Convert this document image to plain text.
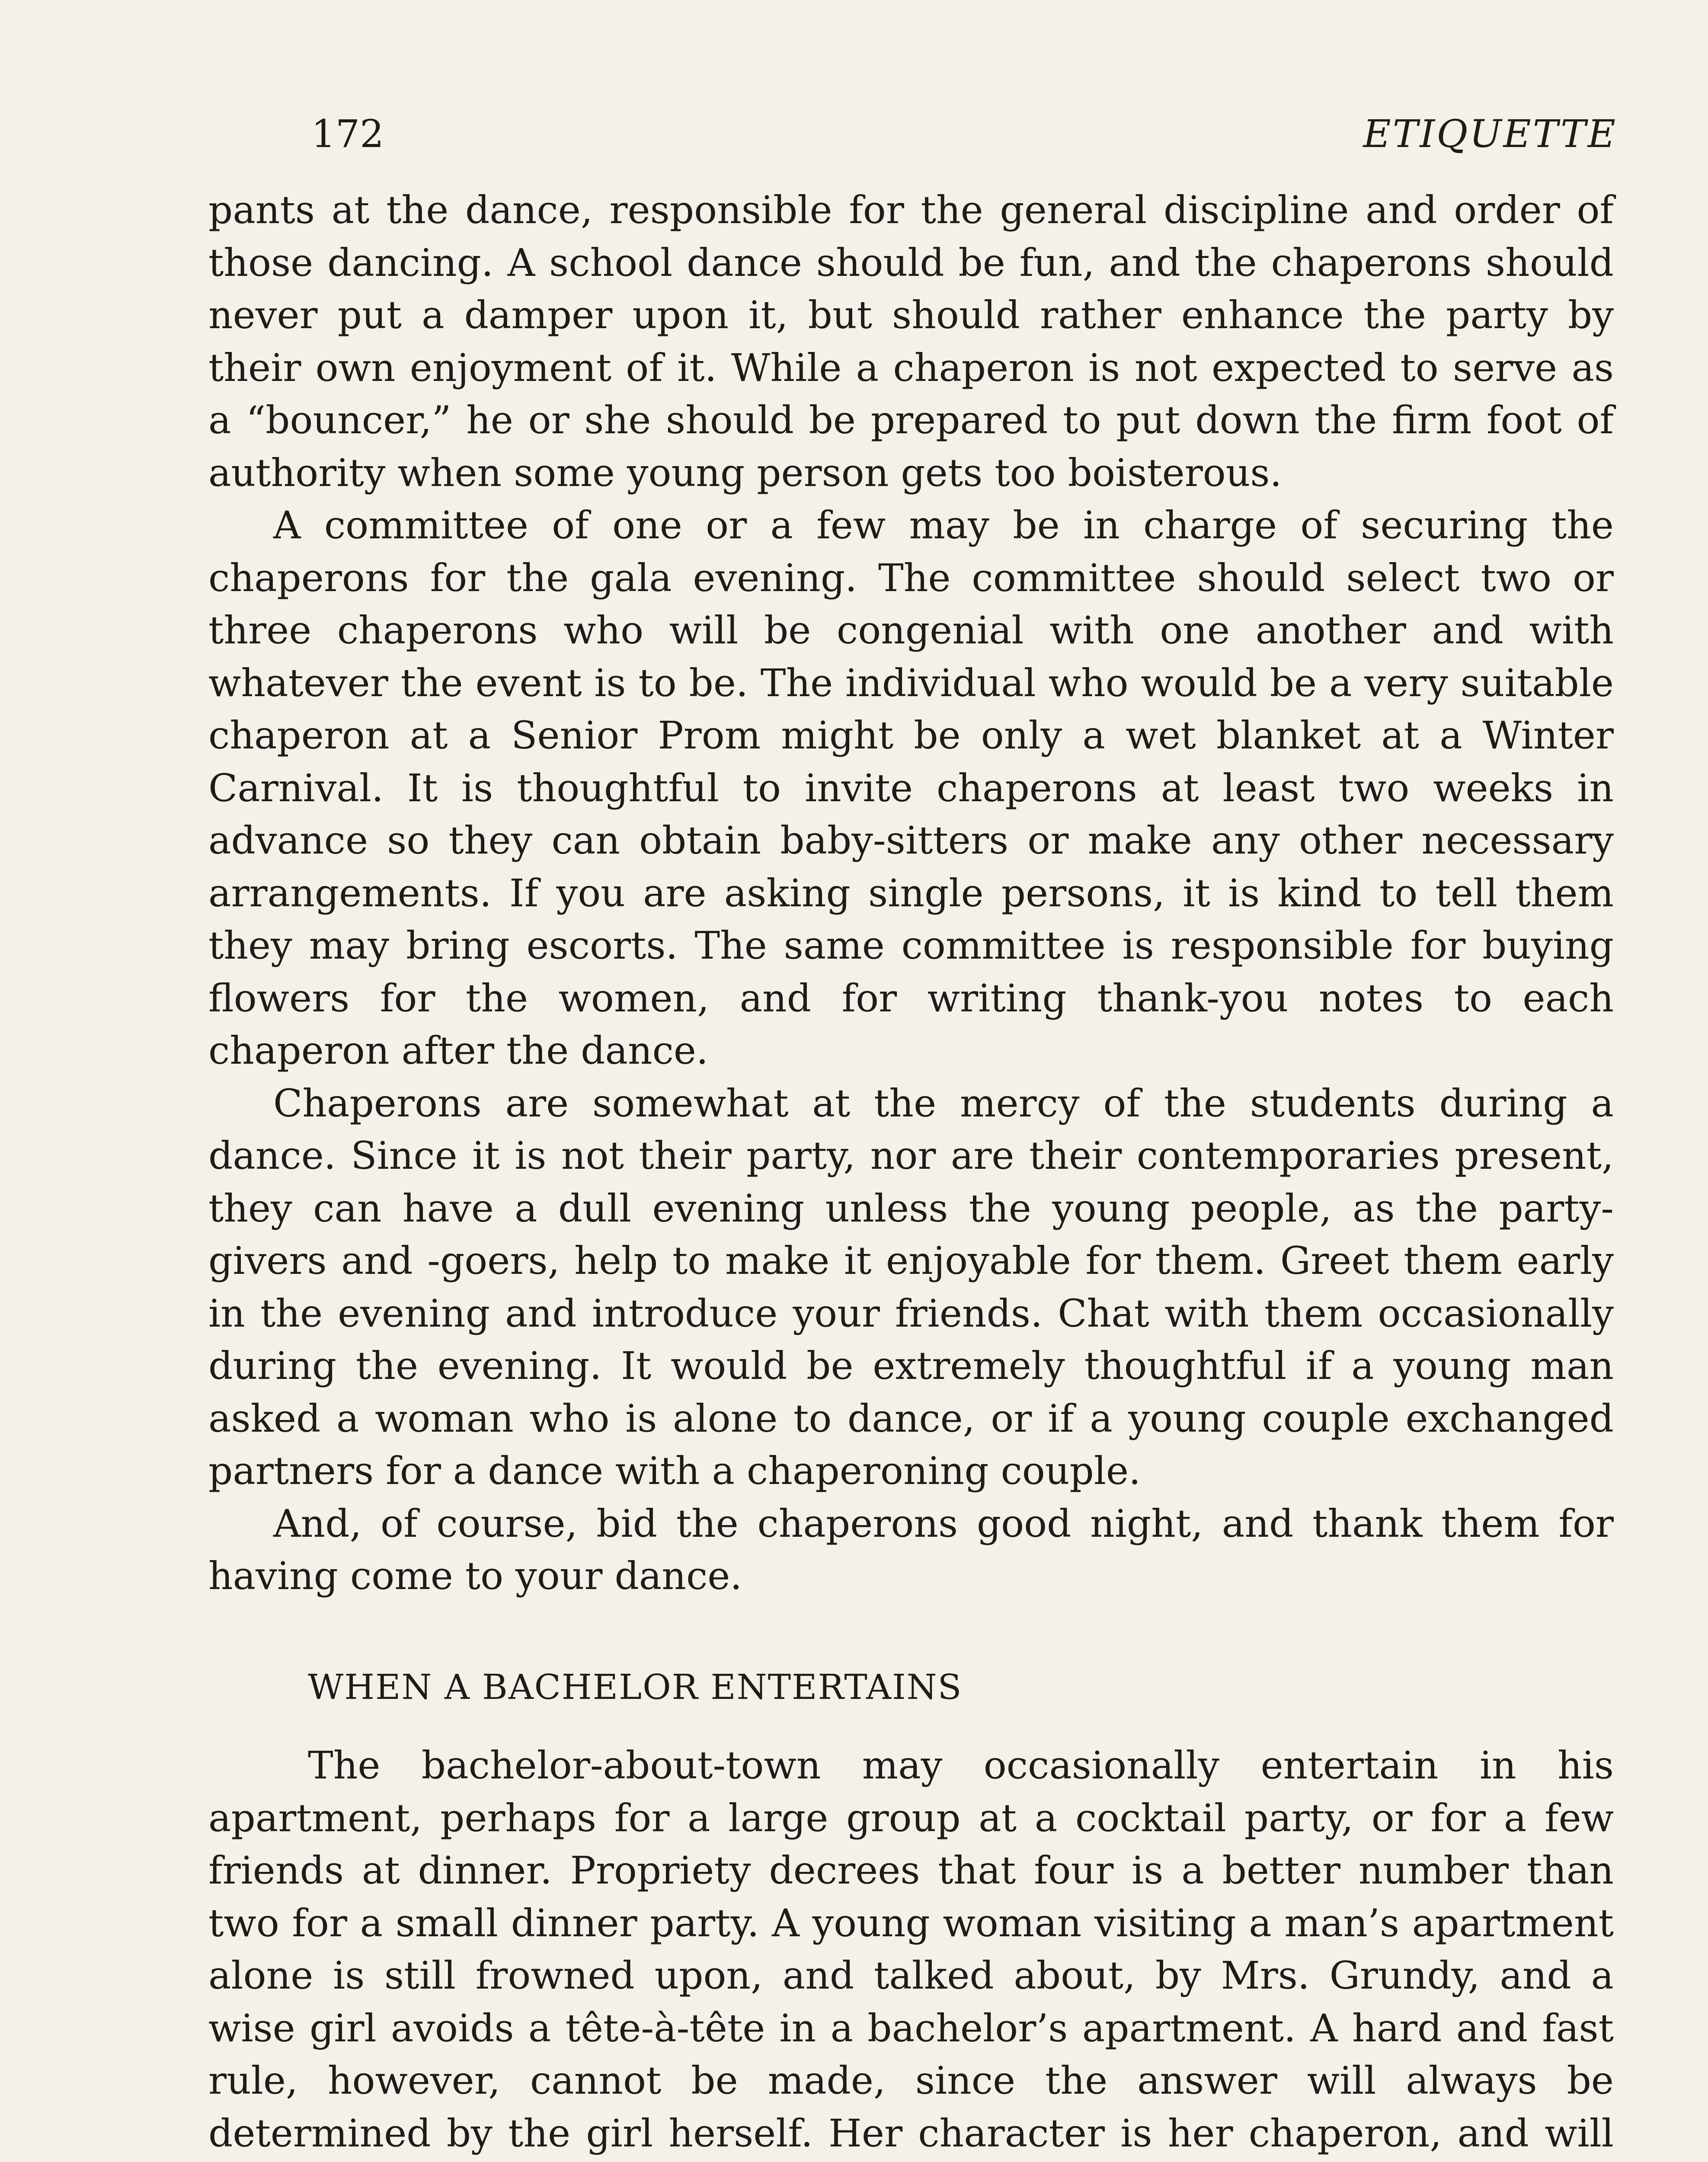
172	ETIQUETTE

pants at the dance, responsible for the general discipline and order of those dancing. A school dance should be fun, and the chaperons should never put a damper upon it, but should rather enhance the party by their own enjoyment of it. While a chaperon is not expected to serve as a “bouncer,” he or she should be prepared to put down the firm foot of authority when some young person gets too boisterous.

A committee of one or a few may be in charge of securing the chaperons for the gala evening. The committee should select two or three chaperons who will be congenial with one another and with whatever the event is to be. The individual who would be a very suitable chaperon at a Senior Prom might be only a wet blanket at a Winter Carnival. It is thoughtful to invite chaperons at least two weeks in advance so they can obtain baby-sitters or make any other necessary arrangements. If you are asking single persons, it is kind to tell them they may bring escorts. The same committee is responsible for buying flowers for the women, and for writing thank-you notes to each chaperon after the dance.

Chaperons are somewhat at the mercy of the students during a dance. Since it is not their party, nor are their contemporaries present, they can have a dull evening unless the young people, as the party-givers and -goers, help to make it enjoyable for them. Greet them early in the evening and introduce your friends. Chat with them occasionally during the evening. It would be extremely thoughtful if a young man asked a woman who is alone to dance, or if a young couple exchanged partners for a dance with a chaperoning couple.

And, of course, bid the chaperons good night, and thank them for having come to your dance.

WHEN A BACHELOR ENTERTAINS

The bachelor-about-town may occasionally entertain in his apartment, perhaps for a large group at a cocktail party, or for a few friends at dinner. Propriety decrees that four is a better number than two for a small dinner party. A young woman visiting a man’s apartment alone is still frowned upon, and talked about, by Mrs. Grundy, and a wise girl avoids a tête-à-tête in a bachelor’s apartment. A hard and fast rule, however, cannot be made, since the answer will always be determined by the girl herself. Her character is her chaperon, and will
